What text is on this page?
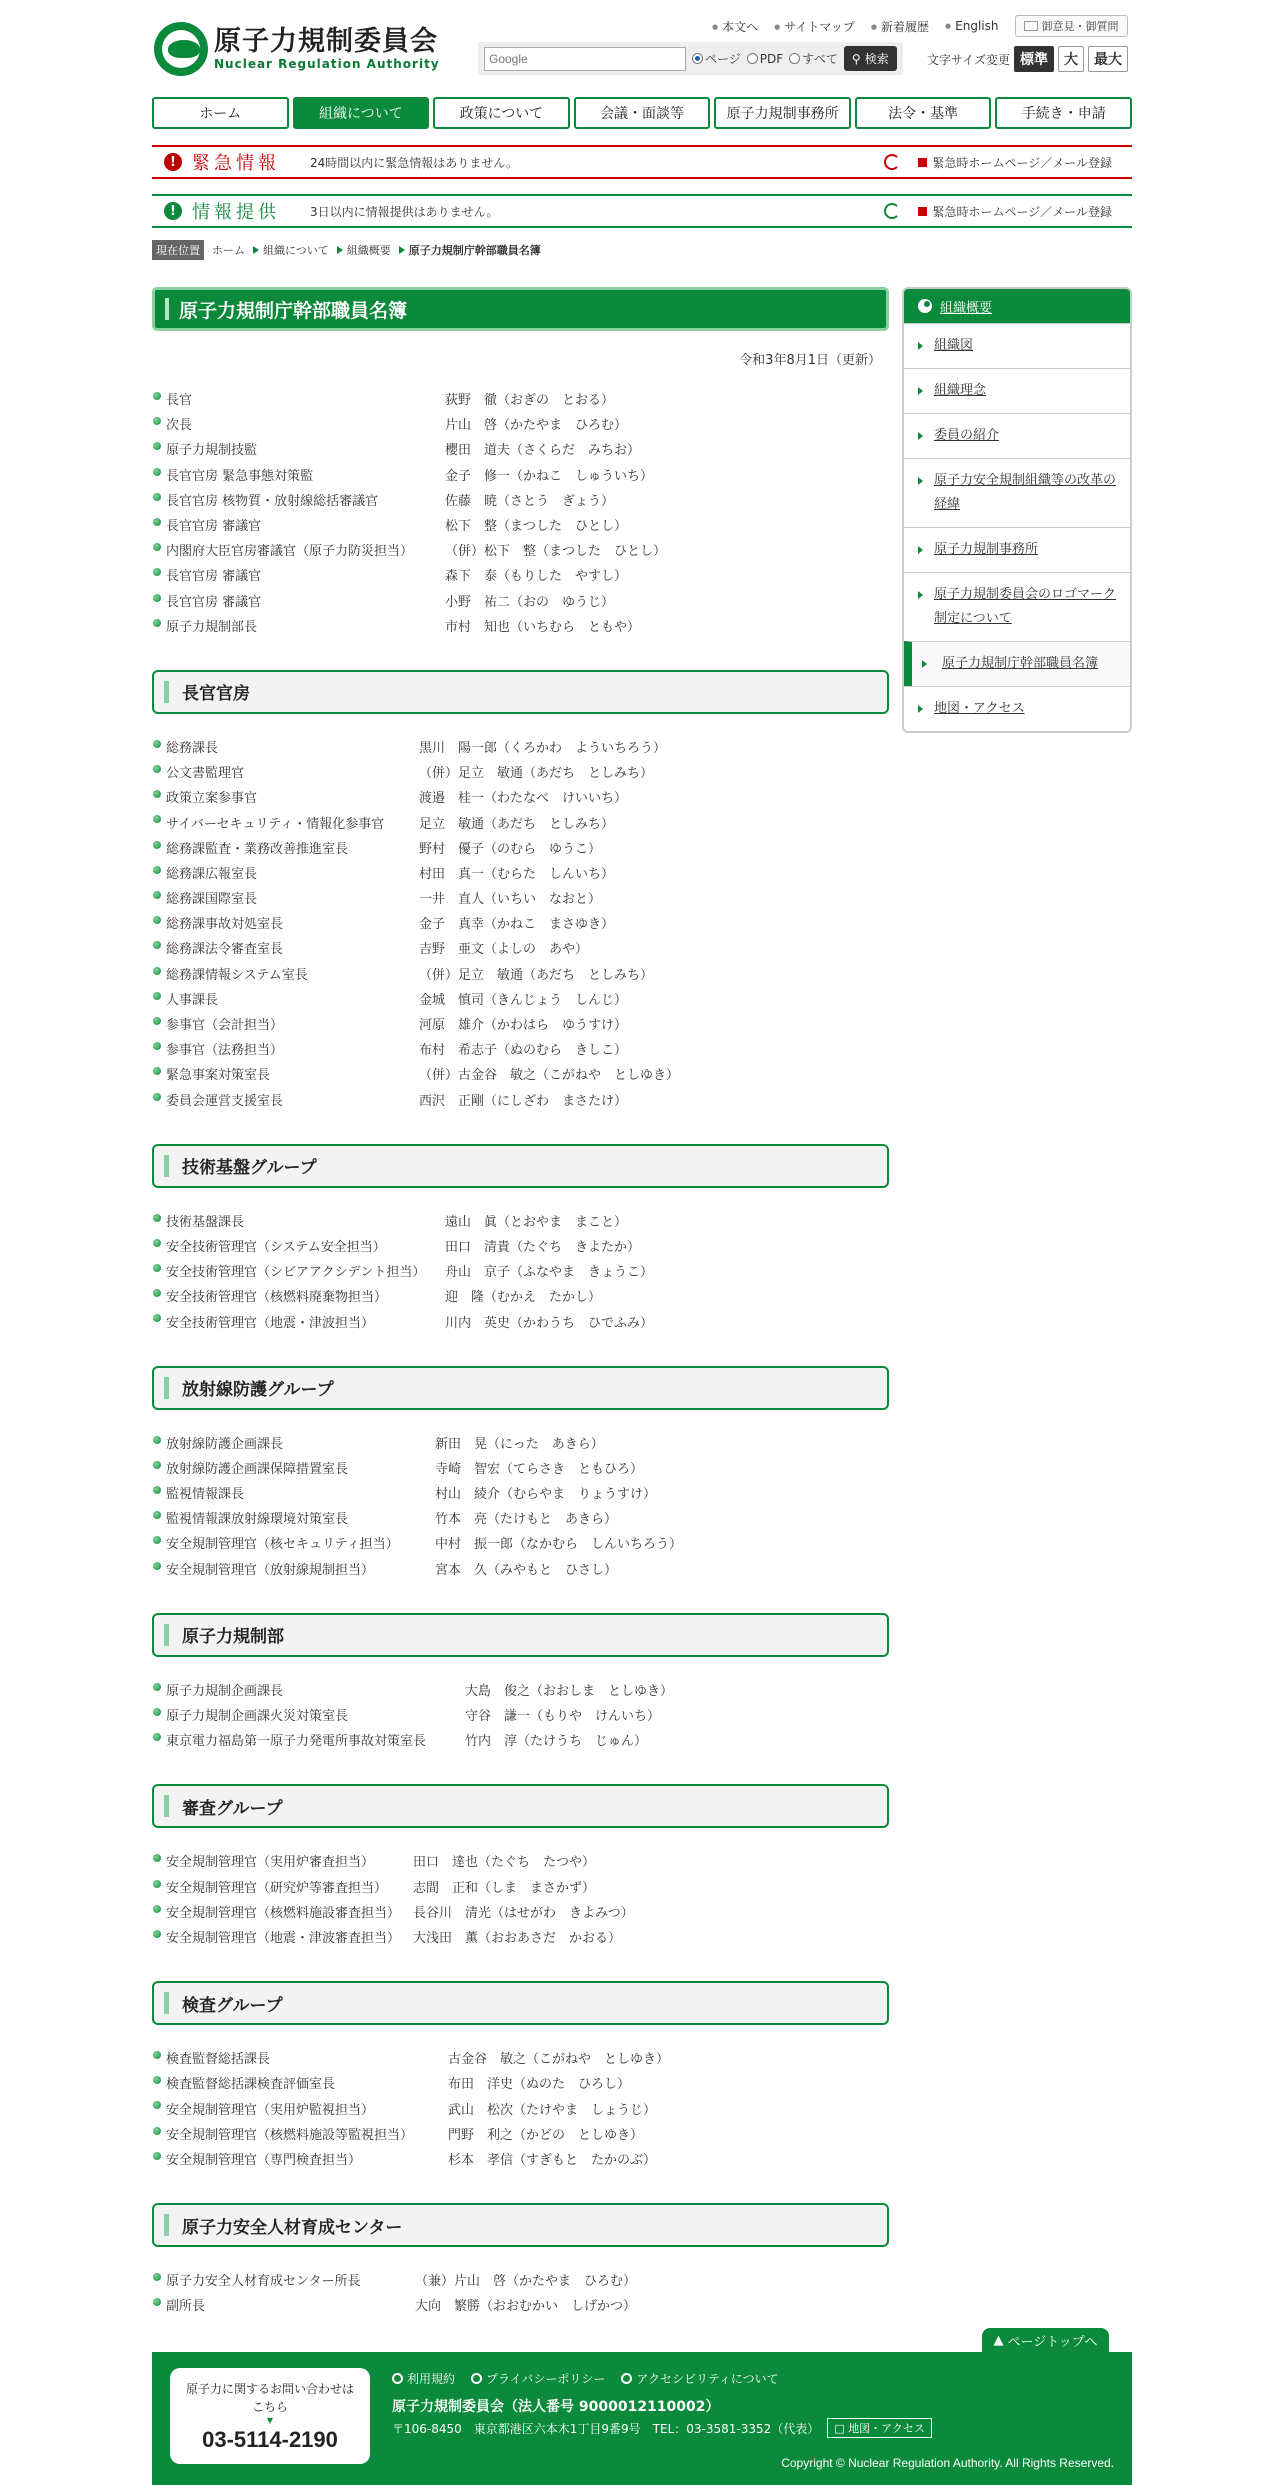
原子力規制委員会
Nuclear Regulation Authority
● 本文へ	● サイトマップ	● 新着履歴	● English	御意見・御質問
Google
ページ PDF すべて ⚲ 検索	文字サイズ変更 標準	大	最大
ホーム	組織について	政策について	会議・面談等	原子力規制事務所	法令・基準	手続き・申請
! 緊急情報	24時間以内に緊急情報はありません。	緊急時ホームページ／メール登録
! 情報提供	3日以内に情報提供はありません。	緊急時ホームページ／メール登録
現在位置	ホーム	組織について	組織概要	原子力規制庁幹部職員名簿
原子力規制庁幹部職員名簿
令和3年8月1日（更新）
長官	荻野　徹（おぎの　とおる）
次長	片山　啓（かたやま　ひろむ）
原子力規制技監	櫻田　道夫（さくらだ　みちお）
長官官房 緊急事態対策監	金子　修一（かねこ　しゅういち）
長官官房 核物質・放射線総括審議官	佐藤　暁（さとう　ぎょう）
長官官房 審議官	松下　整（まつした　ひとし）
内閣府大臣官房審議官（原子力防災担当）	（併）松下　整（まつした　ひとし）
長官官房 審議官	森下　泰（もりした　やすし）
長官官房 審議官	小野　祐二（おの　ゆうじ）
原子力規制部長	市村　知也（いちむら　ともや）
長官官房
総務課長	黒川　陽一郎（くろかわ　よういちろう）
公文書監理官	（併）足立　敏通（あだち　としみち）
政策立案参事官	渡邉　桂一（わたなべ　けいいち）
サイバーセキュリティ・情報化参事官	足立　敏通（あだち　としみち）
総務課監査・業務改善推進室長	野村　優子（のむら　ゆうこ）
総務課広報室長	村田　真一（むらた　しんいち）
総務課国際室長	一井　直人（いちい　なおと）
総務課事故対処室長	金子　真幸（かねこ　まさゆき）
総務課法令審査室長	吉野　亜文（よしの　あや）
総務課情報システム室長	（併）足立　敏通（あだち　としみち）
人事課長	金城　慎司（きんじょう　しんじ）
参事官（会計担当）	河原　雄介（かわはら　ゆうすけ）
参事官（法務担当）	布村　希志子（ぬのむら　きしこ）
緊急事案対策室長	（併）古金谷　敏之（こがねや　としゆき）
委員会運営支援室長	西沢　正剛（にしざわ　まさたけ）
技術基盤グループ
技術基盤課長	遠山　眞（とおやま　まこと）
安全技術管理官（システム安全担当）	田口　清貴（たぐち　きよたか）
安全技術管理官（シビアアクシデント担当）	舟山　京子（ふなやま　きょうこ）
安全技術管理官（核燃料廃棄物担当）	迎　隆（むかえ　たかし）
安全技術管理官（地震・津波担当）	川内　英史（かわうち　ひでふみ）
放射線防護グループ
放射線防護企画課長	新田　晃（にった　あきら）
放射線防護企画課保障措置室長	寺崎　智宏（てらさき　ともひろ）
監視情報課長	村山　綾介（むらやま　りょうすけ）
監視情報課放射線環境対策室長	竹本　亮（たけもと　あきら）
安全規制管理官（核セキュリティ担当）	中村　振一郎（なかむら　しんいちろう）
安全規制管理官（放射線規制担当）	宮本　久（みやもと　ひさし）
原子力規制部
原子力規制企画課長	大島　俊之（おおしま　としゆき）
原子力規制企画課火災対策室長	守谷　謙一（もりや　けんいち）
東京電力福島第一原子力発電所事故対策室長	竹内　淳（たけうち　じゅん）
審査グループ
安全規制管理官（実用炉審査担当）	田口　達也（たぐち　たつや）
安全規制管理官（研究炉等審査担当）	志間　正和（しま　まさかず）
安全規制管理官（核燃料施設審査担当） 長谷川　清光（はせがわ　きよみつ）
安全規制管理官（地震・津波審査担当） 大浅田　薫（おおあさだ　かおる）
検査グループ
検査監督総括課長	古金谷　敏之（こがねや　としゆき）
検査監督総括課検査評価室長	布田　洋史（ぬのた　ひろし）
安全規制管理官（実用炉監視担当）	武山　松次（たけやま　しょうじ）
安全規制管理官（核燃料施設等監視担当）	門野　利之（かどの　としゆき）
安全規制管理官（専門検査担当）	杉本　孝信（すぎもと　たかのぶ）
原子力安全人材育成センター
原子力安全人材育成センター所長	（兼）片山　啓（かたやま　ひろむ）
副所長	大向　繁勝（おおむかい　しげかつ）
組織概要
組織図
組織理念
委員の紹介
原子力安全規制組織等の改革の経緯
原子力規制事務所
原子力規制委員会のロゴマーク制定について
原子力規制庁幹部職員名簿
地図・アクセス
▲ ページトップへ
原子力に関するお問い合わせは
こちら
▼
03-5114-2190
利用規約	プライバシーポリシー	アクセシビリティについて
原子力規制委員会（法人番号 9000012110002）
〒106-8450　東京都港区六本木1丁目9番9号　TEL：03-3581-3352（代表）	□ 地図・アクセス
Copyright © Nuclear Regulation Authority. All Rights Reserved.
